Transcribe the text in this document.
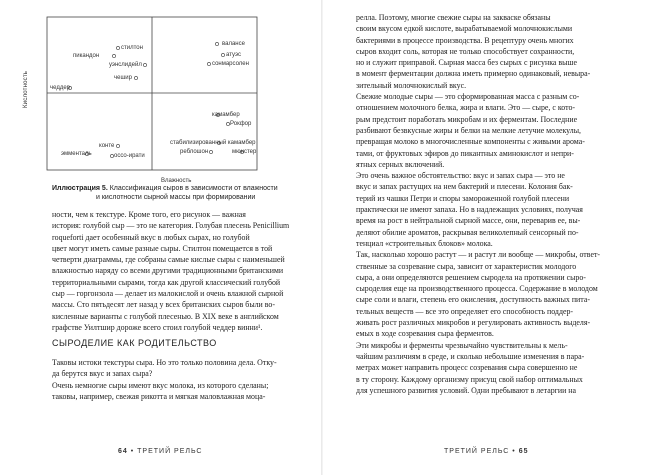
Кислотность
Влажность
стилтон
пикандон
уэнслидейл
чешир
чеддер
валансе
атуэс
сонмарсолен
камамбер
Рокфор
стабилизированный камамбер
конте
эмменталь	оссо-ирати
реблошон	мюнстер
Иллюстрация 5. Классификация сыров в зависимости от влажности
и кислотности сырной массы при формировании

ности, чем к текстуре. Кроме того, его рисунок — важная

история: голубой сыр — это не категория. Голубая плесень Penicillium

roqueforti дает особенный вкус в любых сырах, но голубой

цвет могут иметь самые разные сыры. Стилтон помещается в той

четверти диаграммы, где собраны самые кислые сыры с наименьшей

влажностью наряду со всеми другими традиционными британскими

территориальными сырами, тогда как другой классический голубой

сыр — горгонзола — делает из малокислой и очень влажной сырной

массы. Сто пятьдесят лет назад у всех британских сыров были во-

кисленные варианты с голубой плесенью. В XIX веке в английском

графстве Уилтшир дороже всего стоил голубой чеддер винни¹.

СЫРОДЕЛИЕ КАК РОДИТЕЛЬСТВО

Таковы истоки текстуры сыра. Но это только половина дела. Отку-

да берутся вкус и запах сыра?

Очень немногие сыры имеют вкус молока, из которого сделаны;

таковы, например, свежая рикотта и мягкая маловлажная моца-

64 • ТРЕТИЙ РЕЛЬС

релла. Поэтому, многие свежие сыры на закваске обязаны

своим вкусом едкой кислоте, вырабатываемой молочнокислыми

бактериями в процессе производства. В рецептуру очень многих

сыров входит соль, которая не только способствует сохранности,

но и служит приправой. Сырная масса без сырых с рисунка выше

в момент ферментации должна иметь примерно одинаковый, невыра-

зительный молочнокислый вкус.

Свежие молодые сыры — это сформированная масса с разным со-

отношением молочного белка, жира и влаги. Это — сыре, с кото-

рым предстоит поработать микробам и их ферментам. Последние

разбивают безвкусные жиры и белки на мелкие летучие молекулы,

превращая молоко в многочисленные компоненты с живыми арома-

тами, от фруктовых эфиров до пикантных аминокислот и непри-

ятных серных включений.

Это очень важное обстоятельство: вкус и запах сыра — это не

вкус и запах растущих на нем бактерий и плесени. Колония бак-

терий из чашки Петри и споры замороженной голубой плесени

практически не имеют запаха. Но в надлежащих условиях, получая

время на рост в нейтральной сырной массе, они, переварив ее, вы-

деляют обилие ароматов, раскрывая великолепный сенсорный по-

тенциал «строительных блоков» молока.

Так, насколько хорошо растут — и растут ли вообще — микробы, ответ-

ственные за созревание сыра, зависит от характеристик молодого

сыра, а они определяются решением сыродела на протяжении сыро-

сыроделия еще на производственного процесса. Содержание в молодом

сыре соли и влаги, степень его окисления, доступность важных пита-

тельных веществ — все это определяет его способность поддер-

живать рост различных микробов и регулировать активность выделя-

емых в ходе созревания сыра ферментов.

Эти микробы и ферменты чрезвычайно чувствительны к мель-

чайшим различиям в среде, и сколько небольшие изменения в пара-

метрах может направить процесс созревания сыра совершенно не

в ту сторону. Каждому организму присущ свой набор оптимальных

для успешного развития условий. Одни пребывают в летаргии на

ТРЕТИЙ РЕЛЬС • 65
